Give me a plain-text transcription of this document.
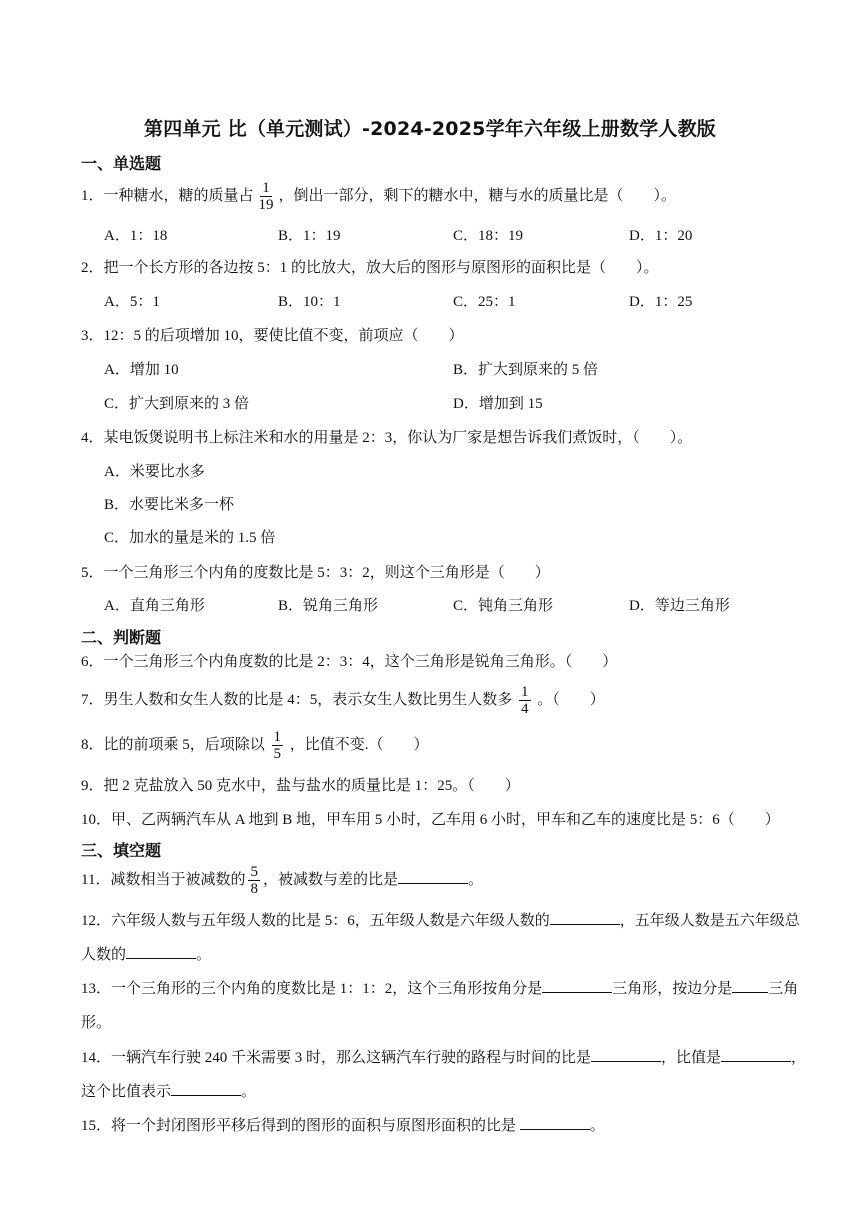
第四单元 比（单元测试）-2024-2025学年六年级上册数学人教版
一、单选题
1．一种糖水，糖的质量占 $\frac{1}{19}$ ，倒出一部分，剩下的糖水中，糖与水的质量比是（　　）。
A．1：18	B．1：19	C．18：19	D．1：20
2．把一个长方形的各边按 5：1 的比放大，放大后的图形与原图形的面积比是（　　）。
A．5：1	B．10：1	C．25：1	D．1：25
3．12：5 的后项增加 10，要使比值不变，前项应（　　）
A．增加 10	B．扩大到原来的 5 倍
C．扩大到原来的 3 倍	D．增加到 15
4．某电饭煲说明书上标注米和水的用量是 2：3，你认为厂家是想告诉我们煮饭时，（　　）。
A．米要比水多
B．水要比米多一杯
C．加水的量是米的 1.5 倍
5．一个三角形三个内角的度数比是 5：3：2，则这个三角形是（　　）
A．直角三角形	B．锐角三角形	C．钝角三角形	D．等边三角形
二、判断题
6．一个三角形三个内角度数的比是 2：3：4，这个三角形是锐角三角形。（　　）
7．男生人数和女生人数的比是 4：5，表示女生人数比男生人数多 $\frac{1}{4}$ 。（　　）
8．比的前项乘 5，后项除以 $\frac{1}{5}$ ，比值不变.（　　）
9．把 2 克盐放入 50 克水中，盐与盐水的质量比是 1：25。（　　）
10．甲、乙两辆汽车从 A 地到 B 地，甲车用 5 小时，乙车用 6 小时，甲车和乙车的速度比是 5：6（　　）
三、填空题
11．减数相当于被减数的 $\frac{5}{8}$ ，被减数与差的比是	。
12．六年级人数与五年级人数的比是 5：6，五年级人数是六年级人数的	，五年级人数是五六年级总人数的	。
13．一个三角形的三个内角的度数比是 1：1：2，这个三角形按角分是	三角形，按边分是 三角形。
14．一辆汽车行驶 240 千米需要 3 时，那么这辆汽车行驶的路程与时间的比是	，比值是	，这个比值表示	。
15．将一个封闭图形平移后得到的图形的面积与原图形面积的比是	。
